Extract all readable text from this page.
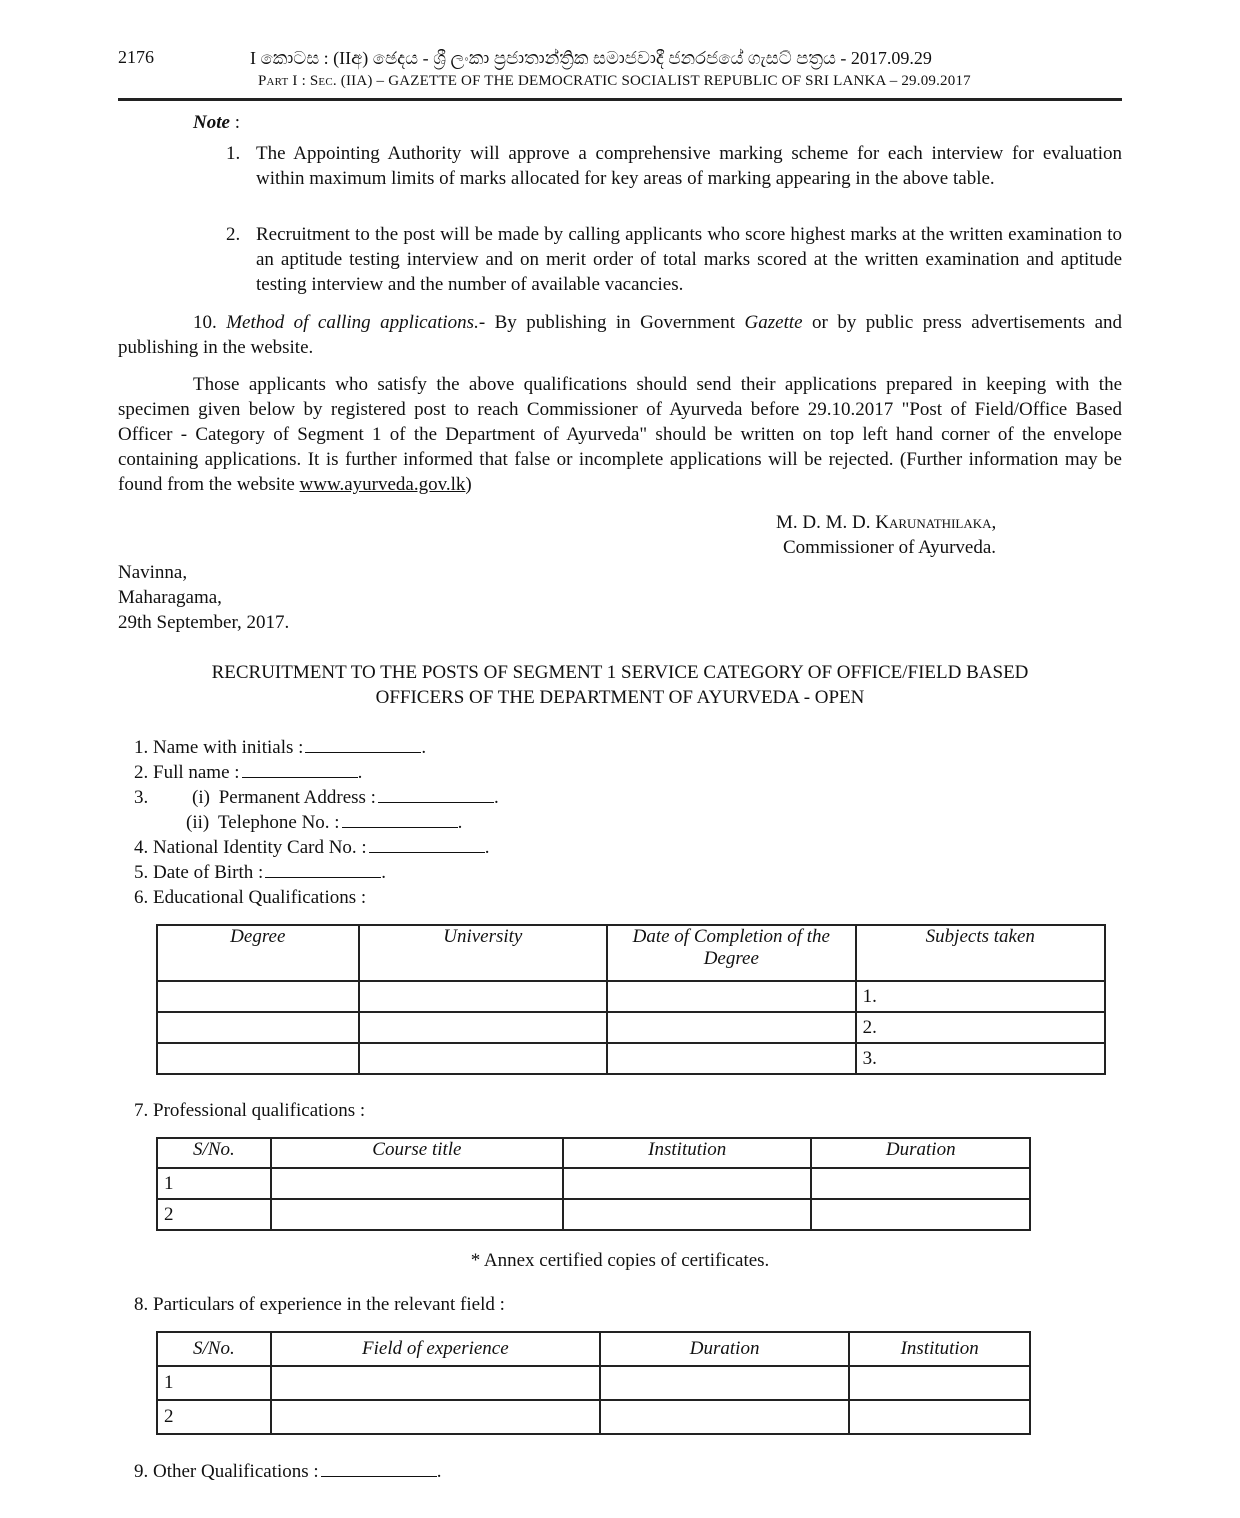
2176	I කොටස : (IIඅ) ඡෙදය - ශ්‍රී ලංකා ප්‍රජාතාන්ත්‍රික සමාජවාදී ජනරජයේ ගැසට් පත්‍රය - 2017.09.29
Part I : Sec. (IIA) – GAZETTE OF THE DEMOCRATIC SOCIALIST REPUBLIC OF SRI LANKA – 29.09.2017
Note :
1. The Appointing Authority will approve a comprehensive marking scheme for each interview for evaluation within maximum limits of marks allocated for key areas of marking appearing in the above table.
2. Recruitment to the post will be made by calling applicants who score highest marks at the written examination to an aptitude testing interview and on merit order of total marks scored at the written examination and aptitude testing interview and the number of available vacancies.
10. Method of calling applications.- By publishing in Government Gazette or by public press advertisements and publishing in the website.
Those applicants who satisfy the above qualifications should send their applications prepared in keeping with the specimen given below by registered post to reach Commissioner of Ayurveda before 29.10.2017 "Post of Field/Office Based Officer - Category of Segment 1 of the Department of Ayurveda" should be written on top left hand corner of the envelope containing applications. It is further informed that false or incomplete applications will be rejected. (Further information may be found from the website www.ayurveda.gov.lk)
M. D. M. D. Karunathilaka,
Commissioner of Ayurveda.
Navinna,
Maharagama,
29th September, 2017.
RECRUITMENT TO THE POSTS OF SEGMENT 1 SERVICE CATEGORY OF OFFICE/FIELD BASED
OFFICERS OF THE DEPARTMENT OF AYURVEDA - OPEN
1. Name with initials :	.
2. Full name :	.
3. (i) Permanent Address :	.
(ii) Telephone No. :	.
4. National Identity Card No. :	.
5. Date of Birth :	.
6. Educational Qualifications :
Degree	University	Date of Completion of the Degree	Subjects taken
			1.
			2.
			3.
7. Professional qualifications :
S/No.	Course title	Institution	Duration
1			
2			
* Annex certified copies of certificates.
8. Particulars of experience in the relevant field :
S/No.	Field of experience	Duration	Institution
1			
2			
9. Other Qualifications :	.
